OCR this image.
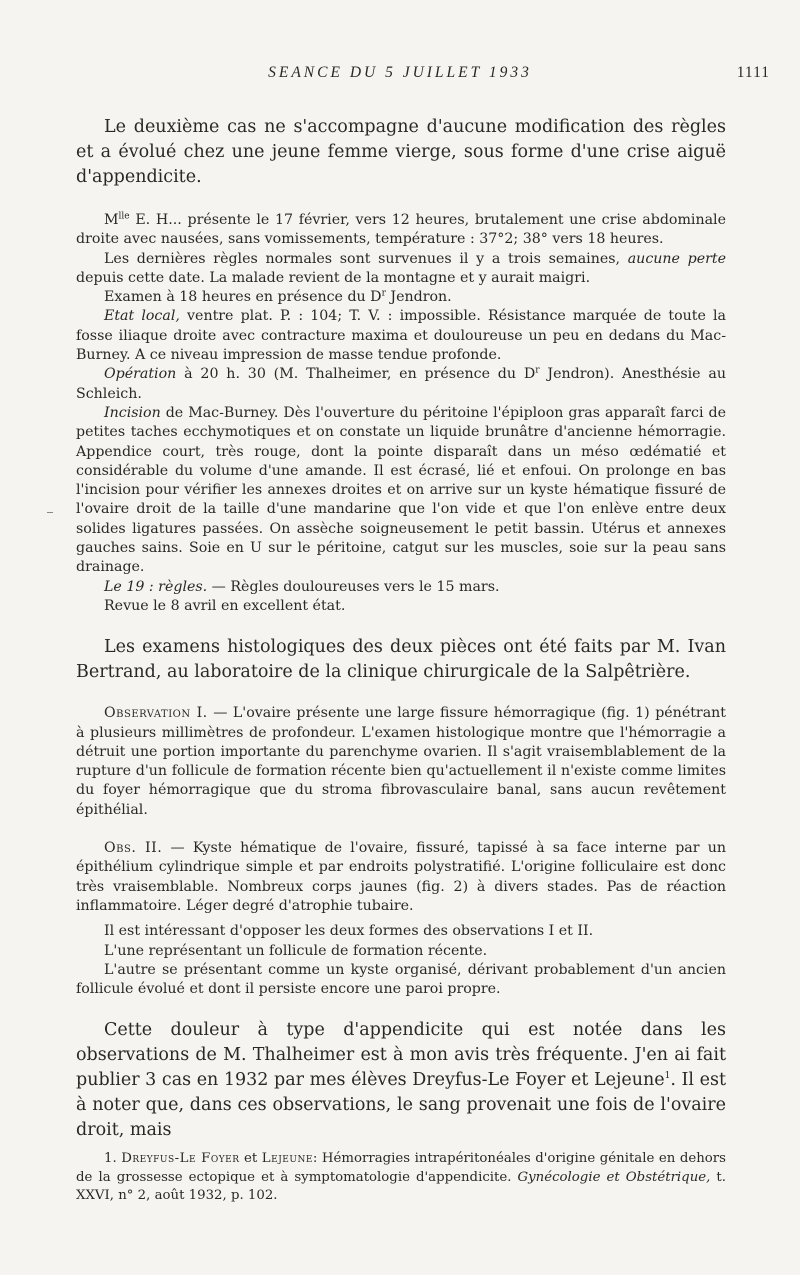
SEANCE DU 5 JUILLET 1933	1111

Le deuxième cas ne s'accompagne d'aucune modification des règles et a évolué chez une jeune femme vierge, sous forme d'une crise aiguë d'appendicite.

$M^{lle}$ E. H... présente le 17 février, vers 12 heures, brutalement une crise abdominale droite avec nausées, sans vomissements, température : 37°2; 38° vers 18 heures.

Les dernières règles normales sont survenues il y a trois semaines, aucune perte depuis cette date. La malade revient de la montagne et y aurait maigri.

Examen à 18 heures en présence du $D^r$ Jendron.

Etat local, ventre plat. P. : 104; T. V. : impossible. Résistance marquée de toute la fosse iliaque droite avec contracture maxima et douloureuse un peu en dedans du Mac-Burney. A ce niveau impression de masse tendue profonde.

Opération à 20 h. 30 (M. Thalheimer, en présence du $D^r$ Jendron). Anesthésie au Schleich.

Incision de Mac-Burney. Dès l'ouverture du péritoine l'épiploon gras apparaît farci de petites taches ecchymotiques et on constate un liquide brunâtre d'ancienne hémorragie. Appendice court, très rouge, dont la pointe disparaît dans un méso œdématié et considérable du volume d'une amande. Il est écrasé, lié et enfoui. On prolonge en bas l'incision pour vérifier les annexes droites et on arrive sur un kyste hématique fissuré de l'ovaire droit de la taille d'une mandarine que l'on vide et que l'on enlève entre deux solides ligatures passées. On assèche soigneusement le petit bassin. Utérus et annexes gauches sains. Soie en U sur le péritoine, catgut sur les muscles, soie sur la peau sans drainage.

Le 19 : règles. — Règles douloureuses vers le 15 mars.

Revue le 8 avril en excellent état.

Les examens histologiques des deux pièces ont été faits par M. Ivan Bertrand, au laboratoire de la clinique chirurgicale de la Salpêtrière.

Observation I. — L'ovaire présente une large fissure hémorragique (fig. 1) pénétrant à plusieurs millimètres de profondeur. L'examen histologique montre que l'hémorragie a détruit une portion importante du parenchyme ovarien. Il s'agit vraisemblablement de la rupture d'un follicule de formation récente bien qu'actuellement il n'existe comme limites du foyer hémorragique que du stroma fibrovasculaire banal, sans aucun revêtement épithélial.

Obs. II. — Kyste hématique de l'ovaire, fissuré, tapissé à sa face interne par un épithélium cylindrique simple et par endroits polystratifié. L'origine folliculaire est donc très vraisemblable. Nombreux corps jaunes (fig. 2) à divers stades. Pas de réaction inflammatoire. Léger degré d'atrophie tubaire.

Il est intéressant d'opposer les deux formes des observations I et II.

L'une représentant un follicule de formation récente.

L'autre se présentant comme un kyste organisé, dérivant probablement d'un ancien follicule évolué et dont il persiste encore une paroi propre.

Cette douleur à type d'appendicite qui est notée dans les observations de M. Thalheimer est à mon avis très fréquente. J'en ai fait publier 3 cas en 1932 par mes élèves Dreyfus-Le Foyer et Lejeune$^1$. Il est à noter que, dans ces observations, le sang provenait une fois de l'ovaire droit, mais

1. Dreyfus-Le Foyer et Lejeune: Hémorragies intrapéritonéales d'origine génitale en dehors de la grossesse ectopique et à symptomatologie d'appendicite. Gynécologie et Obstétrique, t. XXVI, n° 2, août 1932, p. 102.
